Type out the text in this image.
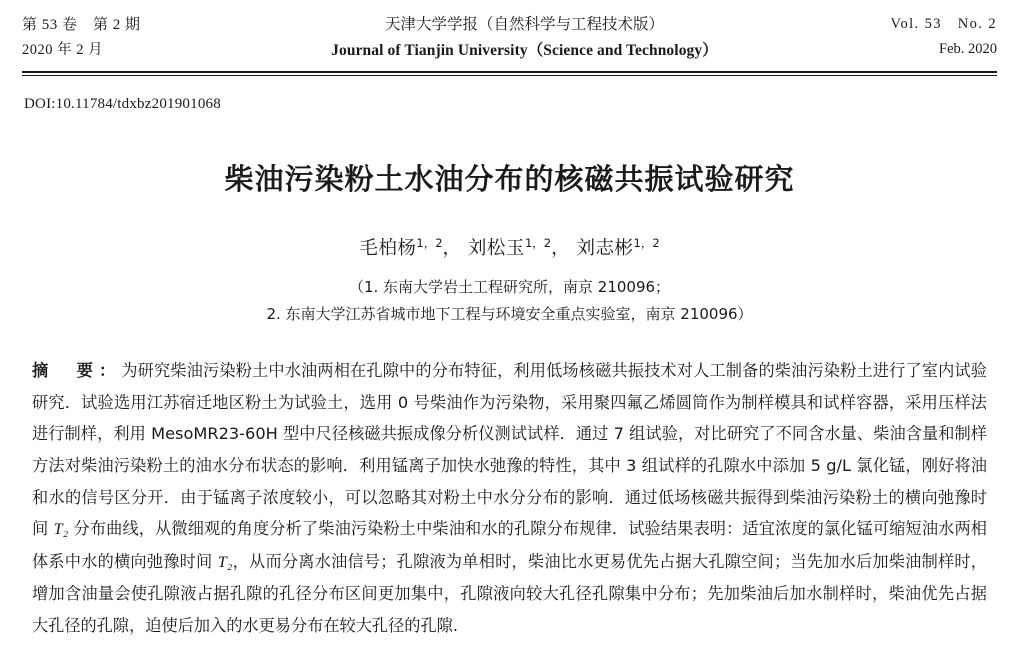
第 53 卷　第 2 期
2020 年 2 月
天津大学学报（自然科学与工程技术版）
Journal of Tianjin University（Science and Technology）
Vol. 53　No. 2
Feb. 2020
DOI:10.11784/tdxbz201901068
柴油污染粉土水油分布的核磁共振试验研究
毛柏杨$^{1,2}$， 刘松玉$^{1,2}$， 刘志彬$^{1,2}$
（1. 东南大学岩土工程研究所，南京 210096；
2. 东南大学江苏省城市地下工程与环境安全重点实验室，南京 210096）
摘　要：为研究柴油污染粉土中水油两相在孔隙中的分布特征，利用低场核磁共振技术对人工制备的柴油污染粉土进行了室内试验研究．试验选用江苏宿迁地区粉土为试验土，选用 0 号柴油作为污染物，采用聚四氟乙烯圆筒作为制样模具和试样容器，采用压样法进行制样，利用 MesoMR23-60H 型中尺径核磁共振成像分析仪测试试样．通过 7 组试验，对比研究了不同含水量、柴油含量和制样方法对柴油污染粉土的油水分布状态的影响．利用锰离子加快水弛豫的特性，其中 3 组试样的孔隙水中添加 5 g/L 氯化锰，刚好将油和水的信号区分开．由于锰离子浓度较小，可以忽略其对粉土中水分分布的影响．通过低场核磁共振得到柴油污染粉土的横向弛豫时间 T₂ 分布曲线，从微细观的角度分析了柴油污染粉土中柴油和水的孔隙分布规律．试验结果表明：适宜浓度的氯化锰可缩短油水两相体系中水的横向弛豫时间 T₂，从而分离水油信号；孔隙液为单相时，柴油比水更易优先占据大孔隙空间；当先加水后加柴油制样时，增加含油量会使孔隙液占据孔隙的孔径分布区间更加集中，孔隙液向较大孔径孔隙集中分布；先加柴油后加水制样时，柴油优先占据大孔径的孔隙，迫使后加入的水更易分布在较大孔径的孔隙.
